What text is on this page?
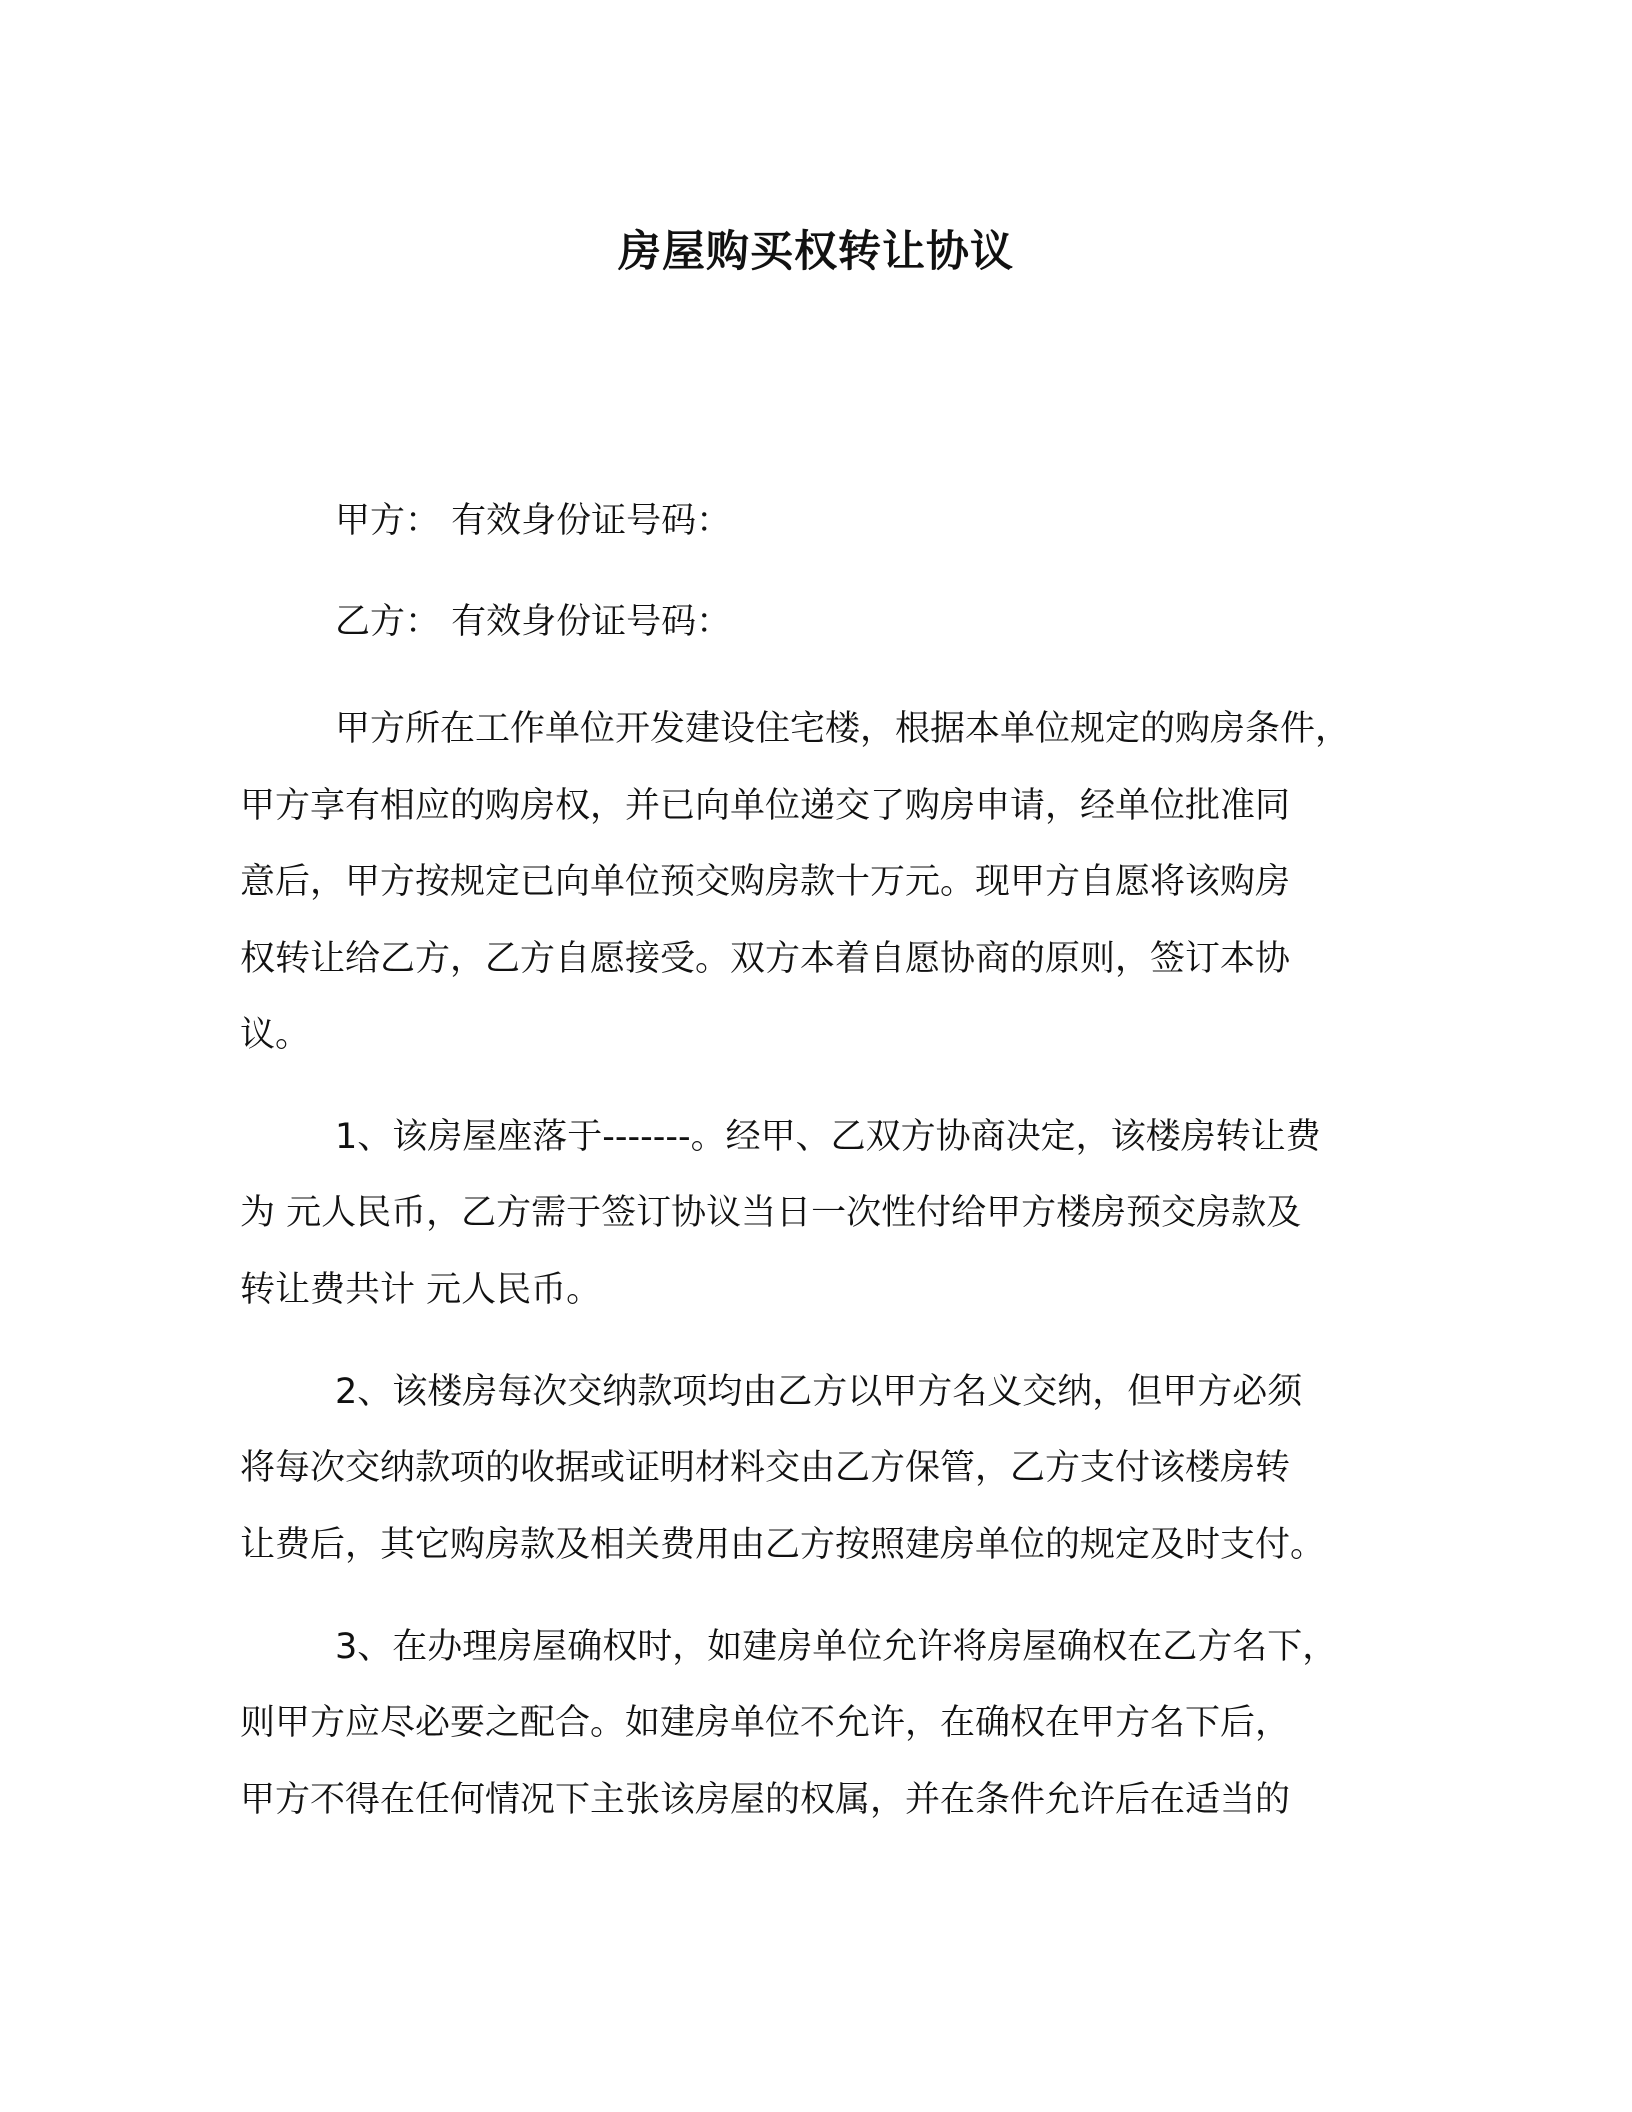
房屋购买权转让协议

甲方： 有效身份证号码：

乙方： 有效身份证号码：

甲方所在工作单位开发建设住宅楼，根据本单位规定的购房条件，

甲方享有相应的购房权，并已向单位递交了购房申请，经单位批准同

意后，甲方按规定已向单位预交购房款十万元。现甲方自愿将该购房

权转让给乙方，乙方自愿接受。双方本着自愿协商的原则，签订本协

议。

1、该房屋座落于-------。经甲、乙双方协商决定，该楼房转让费

为 元人民币，乙方需于签订协议当日一次性付给甲方楼房预交房款及

转让费共计 元人民币。

2、该楼房每次交纳款项均由乙方以甲方名义交纳，但甲方必须

将每次交纳款项的收据或证明材料交由乙方保管，乙方支付该楼房转

让费后，其它购房款及相关费用由乙方按照建房单位的规定及时支付。

3、在办理房屋确权时，如建房单位允许将房屋确权在乙方名下，

则甲方应尽必要之配合。如建房单位不允许，在确权在甲方名下后，

甲方不得在任何情况下主张该房屋的权属，并在条件允许后在适当的
